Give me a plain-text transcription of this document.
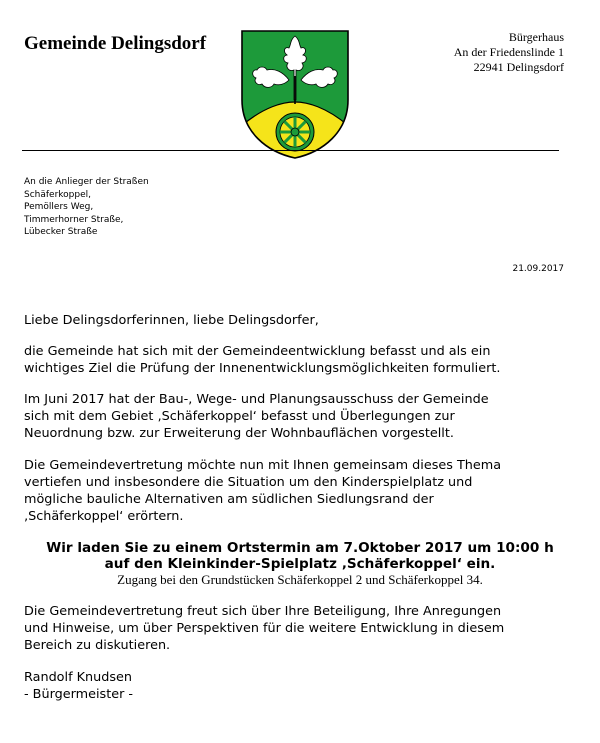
Gemeinde Delingsdorf	Bürgerhaus
An der Friedenslinde 1
22941 Delingsdorf
An die Anlieger der Straßen
Schäferkoppel,
Pemöllers Weg,
Timmerhorner Straße,
Lübecker Straße
21.09.2017
Liebe Delingsdorferinnen, liebe Delingsdorfer,
die Gemeinde hat sich mit der Gemeindeentwicklung befasst und als ein
wichtiges Ziel die Prüfung der Innenentwicklungsmöglichkeiten formuliert.
Im Juni 2017 hat der Bau-, Wege- und Planungsausschuss der Gemeinde
sich mit dem Gebiet ‚Schäferkoppel‘ befasst und Überlegungen zur
Neuordnung bzw. zur Erweiterung der Wohnbauflächen vorgestellt.
Die Gemeindevertretung möchte nun mit Ihnen gemeinsam dieses Thema
vertiefen und insbesondere die Situation um den Kinderspielplatz und
mögliche bauliche Alternativen am südlichen Siedlungsrand der
‚Schäferkoppel‘ erörtern.
Wir laden Sie zu einem Ortstermin am 7.Oktober 2017 um 10:00 h
auf den Kleinkinder-Spielplatz ‚Schäferkoppel‘ ein.
Zugang bei den Grundstücken Schäferkoppel 2 und Schäferkoppel 34.
Die Gemeindevertretung freut sich über Ihre Beteiligung, Ihre Anregungen
und Hinweise, um über Perspektiven für die weitere Entwicklung in diesem
Bereich zu diskutieren.
Randolf Knudsen
- Bürgermeister -
